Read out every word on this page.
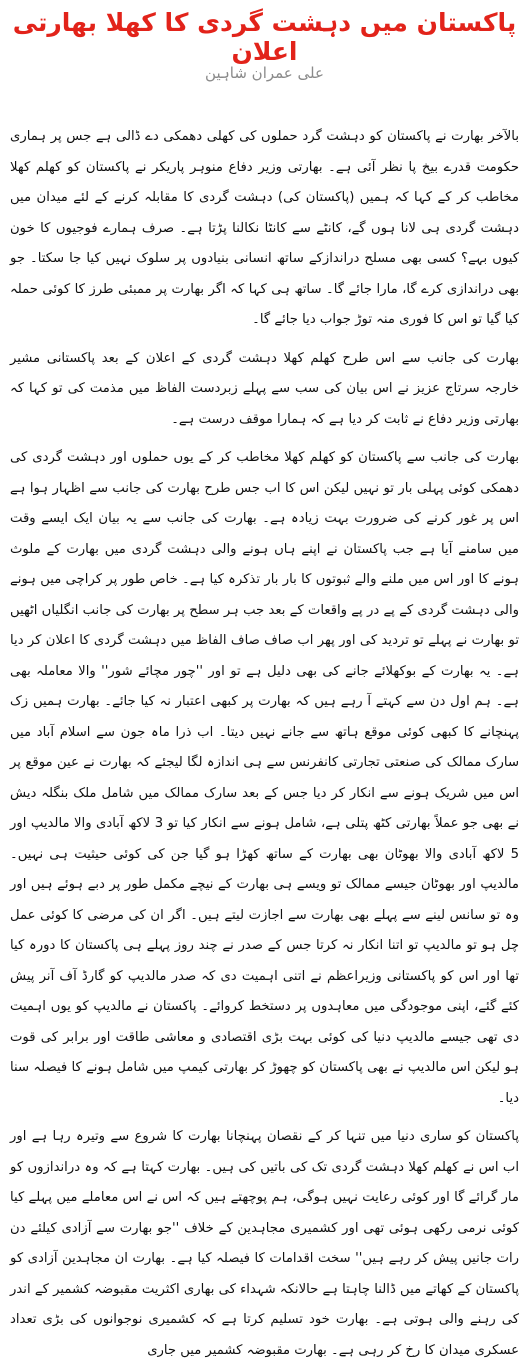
پاکستان میں دہشت گردی کا کھلا بھارتی اعلان
علی عمران شاہین

بالآخر بھارت نے پاکستان کو دہشت گرد حملوں کی کھلی دھمکی دے ڈالی ہے جس پر ہماری حکومت قدرے بیخ پا نظر آئی ہے۔ بھارتی وزیر دفاع منوہر پاریکر نے پاکستان کو کھلم کھلا مخاطب کر کے کہا کہ ہمیں (پاکستان کی) دہشت گردی کا مقابلہ کرنے کے لئے میدان میں دہشت گردی ہی لانا ہوں گے، کانٹے سے کانٹا نکالنا پڑتا ہے۔ صرف ہمارے فوجیوں کا خون کیوں بہے؟ کسی بھی مسلح دراندازکے ساتھ انسانی بنیادوں پر سلوک نہیں کیا جا سکتا۔ جو بھی دراندازی کرے گا، مارا جائے گا۔ ساتھ ہی کہا کہ اگر بھارت پر ممبئی طرز کا کوئی حملہ کیا گیا تو اس کا فوری منہ توڑ جواب دیا جائے گا۔

بھارت کی جانب سے اس طرح کھلم کھلا دہشت گردی کے اعلان کے بعد پاکستانی مشیر خارجہ سرتاج عزیز نے اس بیان کی سب سے پہلے زبردست الفاظ میں مذمت کی تو کہا کہ بھارتی وزیر دفاع نے ثابت کر دیا ہے کہ ہمارا موقف درست ہے۔

بھارت کی جانب سے پاکستان کو کھلم کھلا مخاطب کر کے یوں حملوں اور دہشت گردی کی دھمکی کوئی پہلی بار تو نہیں لیکن اس کا اب جس طرح بھارت کی جانب سے اظہار ہوا ہے اس پر غور کرنے کی ضرورت بہت زیادہ ہے۔ بھارت کی جانب سے یہ بیان ایک ایسے وقت میں سامنے آیا ہے جب پاکستان نے اپنے ہاں ہونے والی دہشت گردی میں بھارت کے ملوث ہونے کا اور اس میں ملنے والے ثبوتوں کا بار بار تذکرہ کیا ہے۔ خاص طور پر کراچی میں ہونے والی دہشت گردی کے پے در پے واقعات کے بعد جب ہر سطح پر بھارت کی جانب انگلیاں اٹھیں تو بھارت نے پہلے تو تردید کی اور پھر اب صاف صاف الفاظ میں دہشت گردی کا اعلان کر دیا ہے۔ یہ بھارت کے بوکھلائے جانے کی بھی دلیل ہے تو اور ''چور مچائے شور'' والا معاملہ بھی ہے۔ ہم اول دن سے کہتے آ رہے ہیں کہ بھارت پر کبھی اعتبار نہ کیا جائے۔ بھارت ہمیں زک پہنچانے کا کبھی کوئی موقع ہاتھ سے جانے نہیں دیتا۔ اب ذرا ماہ جون سے اسلام آباد میں سارک ممالک کی صنعتی تجارتی کانفرنس سے ہی اندازہ لگا لیجئے کہ بھارت نے عین موقع پر اس میں شریک ہونے سے انکار کر دیا جس کے بعد سارک ممالک میں شامل ملک بنگلہ دیش نے بھی جو عملاً بھارتی کٹھ پتلی ہے، شامل ہونے سے انکار کیا تو 3 لاکھ آبادی والا مالدیپ اور 5 لاکھ آبادی والا بھوٹان بھی بھارت کے ساتھ کھڑا ہو گیا جن کی کوئی حیثیت ہی نہیں۔ مالدیپ اور بھوٹان جیسے ممالک تو ویسے ہی بھارت کے نیچے مکمل طور پر دبے ہوئے ہیں اور وہ تو سانس لینے سے پہلے بھی بھارت سے اجازت لیتے ہیں۔ اگر ان کی مرضی کا کوئی عمل چل ہو تو مالدیپ تو اتنا انکار نہ کرتا جس کے صدر نے چند روز پہلے ہی پاکستان کا دورہ کیا تھا اور اس کو پاکستانی وزیراعظم نے اتنی اہمیت دی کہ صدر مالدیپ کو گارڈ آف آنر پیش کئے گئے، اپنی موجودگی میں معاہدوں پر دستخط کروائے۔ پاکستان نے مالدیپ کو یوں اہمیت دی تھی جیسے مالدیپ دنیا کی کوئی بہت بڑی اقتصادی و معاشی طاقت اور برابر کی قوت ہو لیکن اس مالدیپ نے بھی پاکستان کو چھوڑ کر بھارتی کیمپ میں شامل ہونے کا فیصلہ سنا دیا۔

پاکستان کو ساری دنیا میں تنہا کر کے نقصان پہنچانا بھارت کا شروع سے وتیرہ رہا ہے اور اب اس نے کھلم کھلا دہشت گردی تک کی باتیں کی ہیں۔ بھارت کہتا ہے کہ وہ دراندازوں کو مار گرائے گا اور کوئی رعایت نہیں ہوگی، ہم پوچھتے ہیں کہ اس نے اس معاملے میں پہلے کیا کوئی نرمی رکھی ہوئی تھی اور کشمیری مجاہدین کے خلاف ''جو بھارت سے آزادی کیلئے دن رات جانیں پیش کر رہے ہیں'' سخت اقدامات کا فیصلہ کیا ہے۔ بھارت ان مجاہدین آزادی کو پاکستان کے کھاتے میں ڈالنا چاہتا ہے حالانکہ شہداء کی بھاری اکثریت مقبوضہ کشمیر کے اندر کی رہنے والی ہوتی ہے۔ بھارت خود تسلیم کرتا ہے کہ کشمیری نوجوانوں کی بڑی تعداد عسکری میدان کا رخ کر رہی ہے۔ بھارت مقبوضہ کشمیر میں جاری
